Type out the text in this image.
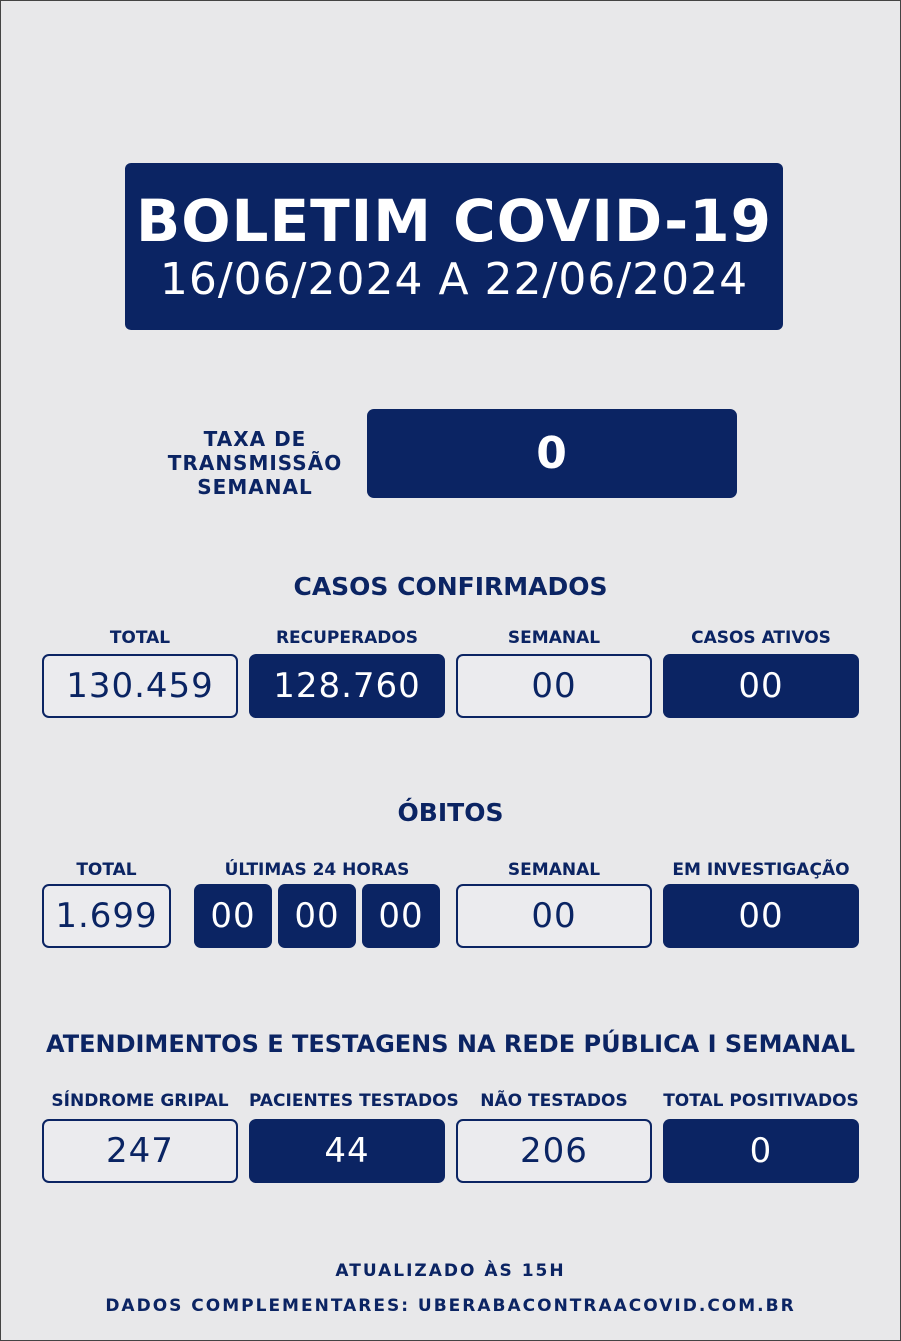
BOLETIM COVID-19
16/06/2024 A 22/06/2024
TAXA DE
TRANSMISSÃO
SEMANAL
0
CASOS CONFIRMADOS
TOTAL	RECUPERADOS	SEMANAL	CASOS ATIVOS
130.459	128.760	00	00
ÓBITOS
TOTAL	ÚLTIMAS 24 HORAS	SEMANAL	EM INVESTIGAÇÃO
1.699	00	00	00	00	00
ATENDIMENTOS E TESTAGENS NA REDE PÚBLICA I SEMANAL
SÍNDROME GRIPAL	PACIENTES TESTADOS	NÃO TESTADOS	TOTAL POSITIVADOS
247	44	206	0
ATUALIZADO ÀS 15H
DADOS COMPLEMENTARES: UBERABACONTRAACOVID.COM.BR
